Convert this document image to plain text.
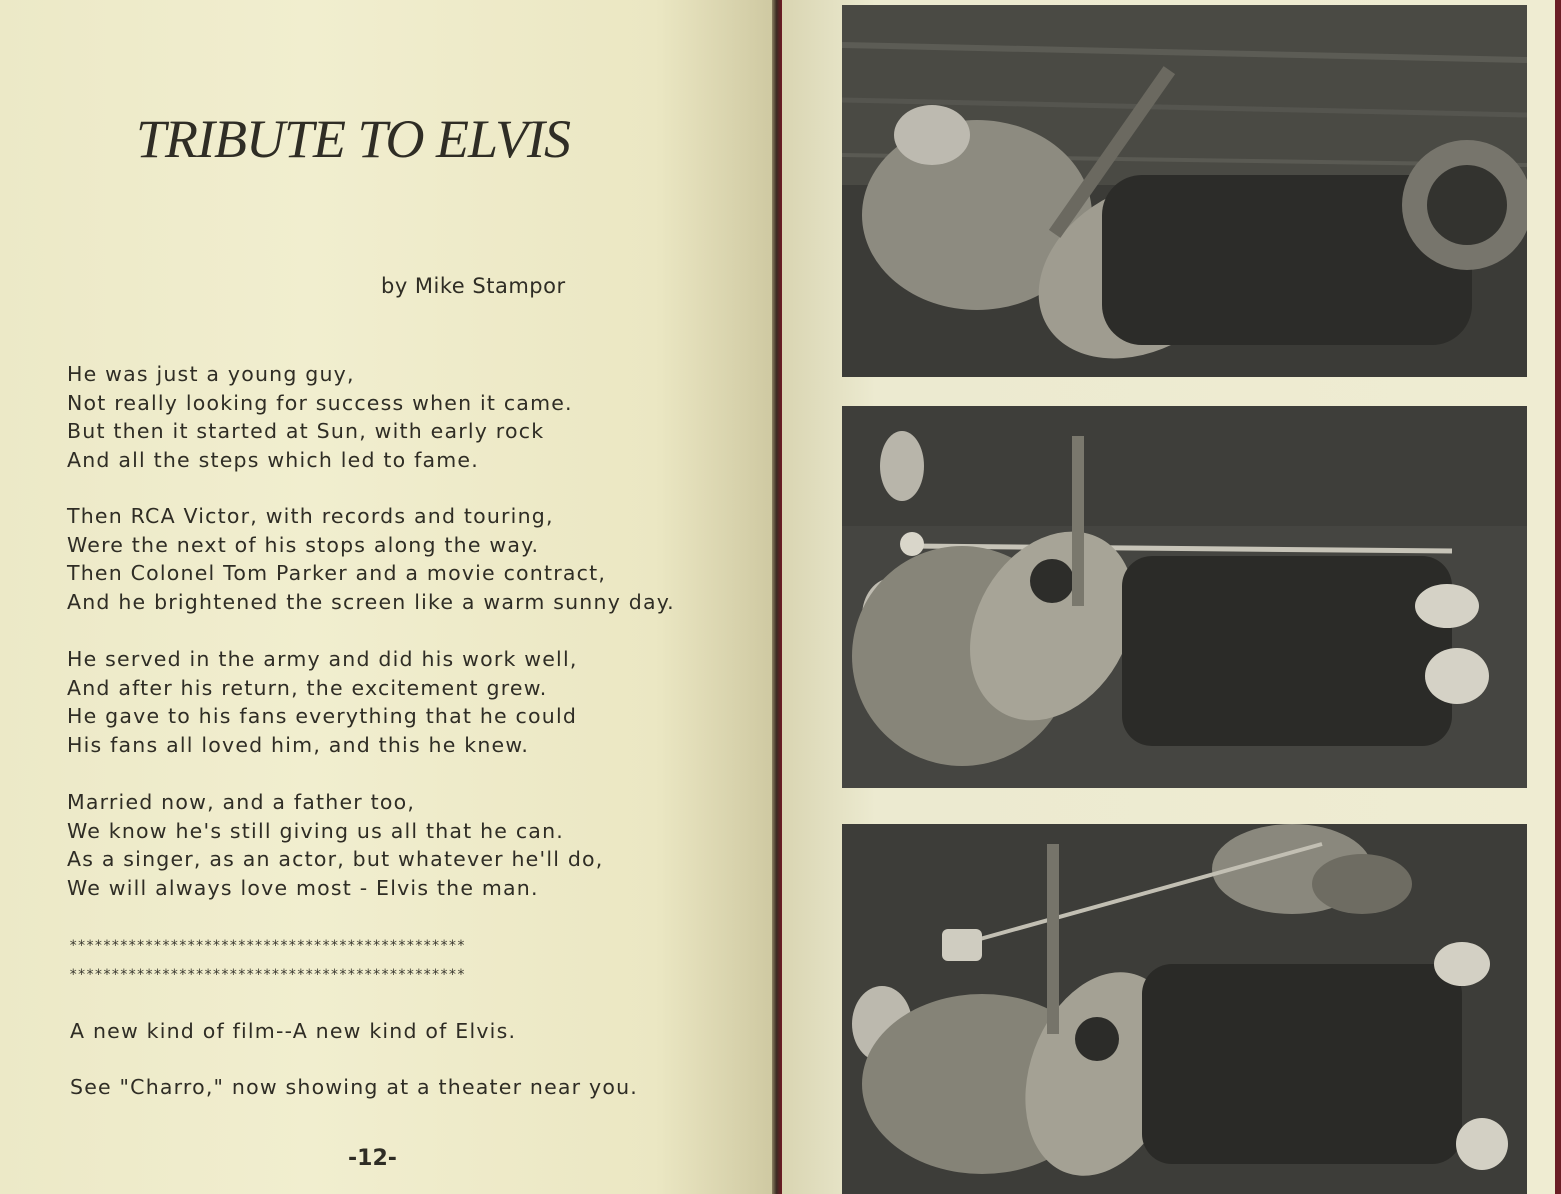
TRIBUTE TO ELVIS
by Mike Stampor
He was just a young guy,
Not really looking for success when it came.
But then it started at Sun, with early rock
And all the steps which led to fame.
Then RCA Victor, with records and touring,
Were the next of his stops along the way.
Then Colonel Tom Parker and a movie contract,
And he brightened the screen like a warm sunny day.
He served in the army and did his work well,
And after his return, the excitement grew.
He gave to his fans everything that he could
His fans all loved him, and this he knew.
Married now, and a father too,
We know he's still giving us all that he can.
As a singer, as an actor, but whatever he'll do,
We will always love most - Elvis the man.
***********************************************
***********************************************
A new kind of film--A new kind of Elvis.
See "Charro," now showing at a theater near you.
-12-
